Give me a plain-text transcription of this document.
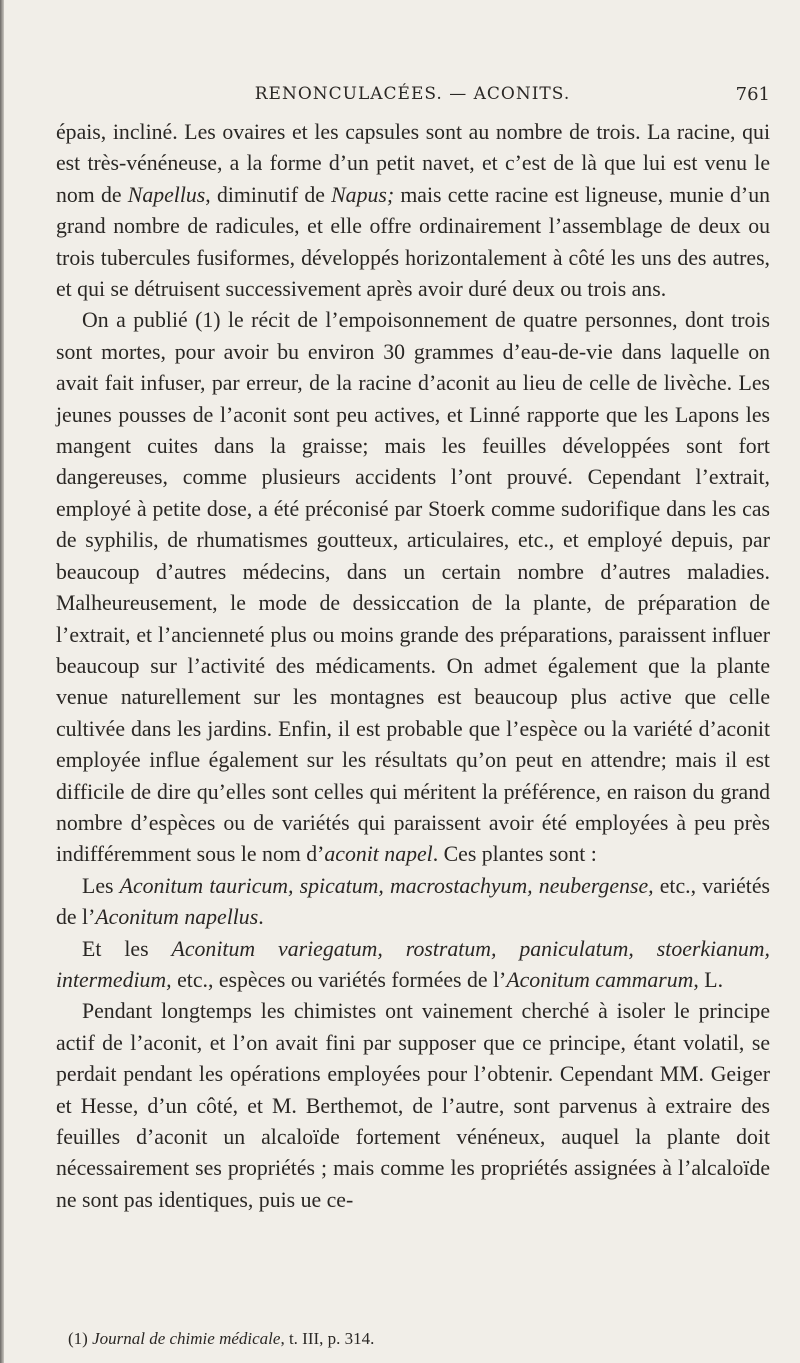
RENONCULACÉES. — ACONITS.	761

épais, incliné. Les ovaires et les capsules sont au nombre de trois. La racine, qui est très-vénéneuse, a la forme d’un petit navet, et c’est de là que lui est venu le nom de Napellus, diminutif de Napus; mais cette racine est ligneuse, munie d’un grand nombre de radicules, et elle offre ordinairement l’assemblage de deux ou trois tubercules fusiformes, développés horizontalement à côté les uns des autres, et qui se détruisent successivement après avoir duré deux ou trois ans.

On a publié (1) le récit de l’empoisonnement de quatre personnes, dont trois sont mortes, pour avoir bu environ 30 grammes d’eau-de-vie dans laquelle on avait fait infuser, par erreur, de la racine d’aconit au lieu de celle de livèche. Les jeunes pousses de l’aconit sont peu actives, et Linné rapporte que les Lapons les mangent cuites dans la graisse; mais les feuilles développées sont fort dangereuses, comme plusieurs accidents l’ont prouvé. Cependant l’extrait, employé à petite dose, a été préconisé par Stoerk comme sudorifique dans les cas de syphilis, de rhumatismes goutteux, articulaires, etc., et employé depuis, par beaucoup d’autres médecins, dans un certain nombre d’autres maladies. Malheureusement, le mode de dessiccation de la plante, de préparation de l’extrait, et l’ancienneté plus ou moins grande des préparations, paraissent influer beaucoup sur l’activité des médicaments. On admet également que la plante venue naturellement sur les montagnes est beaucoup plus active que celle cultivée dans les jardins. Enfin, il est probable que l’espèce ou la variété d’aconit employée influe également sur les résultats qu’on peut en attendre; mais il est difficile de dire qu’elles sont celles qui méritent la préférence, en raison du grand nombre d’espèces ou de variétés qui paraissent avoir été employées à peu près indifféremment sous le nom d’aconit napel. Ces plantes sont :

Les Aconitum tauricum, spicatum, macrostachyum, neubergense, etc., variétés de l’Aconitum napellus.

Et les Aconitum variegatum, rostratum, paniculatum, stoerkianum, intermedium, etc., espèces ou variétés formées de l’Aconitum cammarum, L.

Pendant longtemps les chimistes ont vainement cherché à isoler le principe actif de l’aconit, et l’on avait fini par supposer que ce principe, étant volatil, se perdait pendant les opérations employées pour l’obtenir. Cependant MM. Geiger et Hesse, d’un côté, et M. Berthemot, de l’autre, sont parvenus à extraire des feuilles d’aconit un alcaloïde fortement vénéneux, auquel la plante doit nécessairement ses propriétés ; mais comme les propriétés assignées à l’alcaloïde ne sont pas identiques, puis ue ce-

(1) Journal de chimie médicale, t. III, p. 314.
